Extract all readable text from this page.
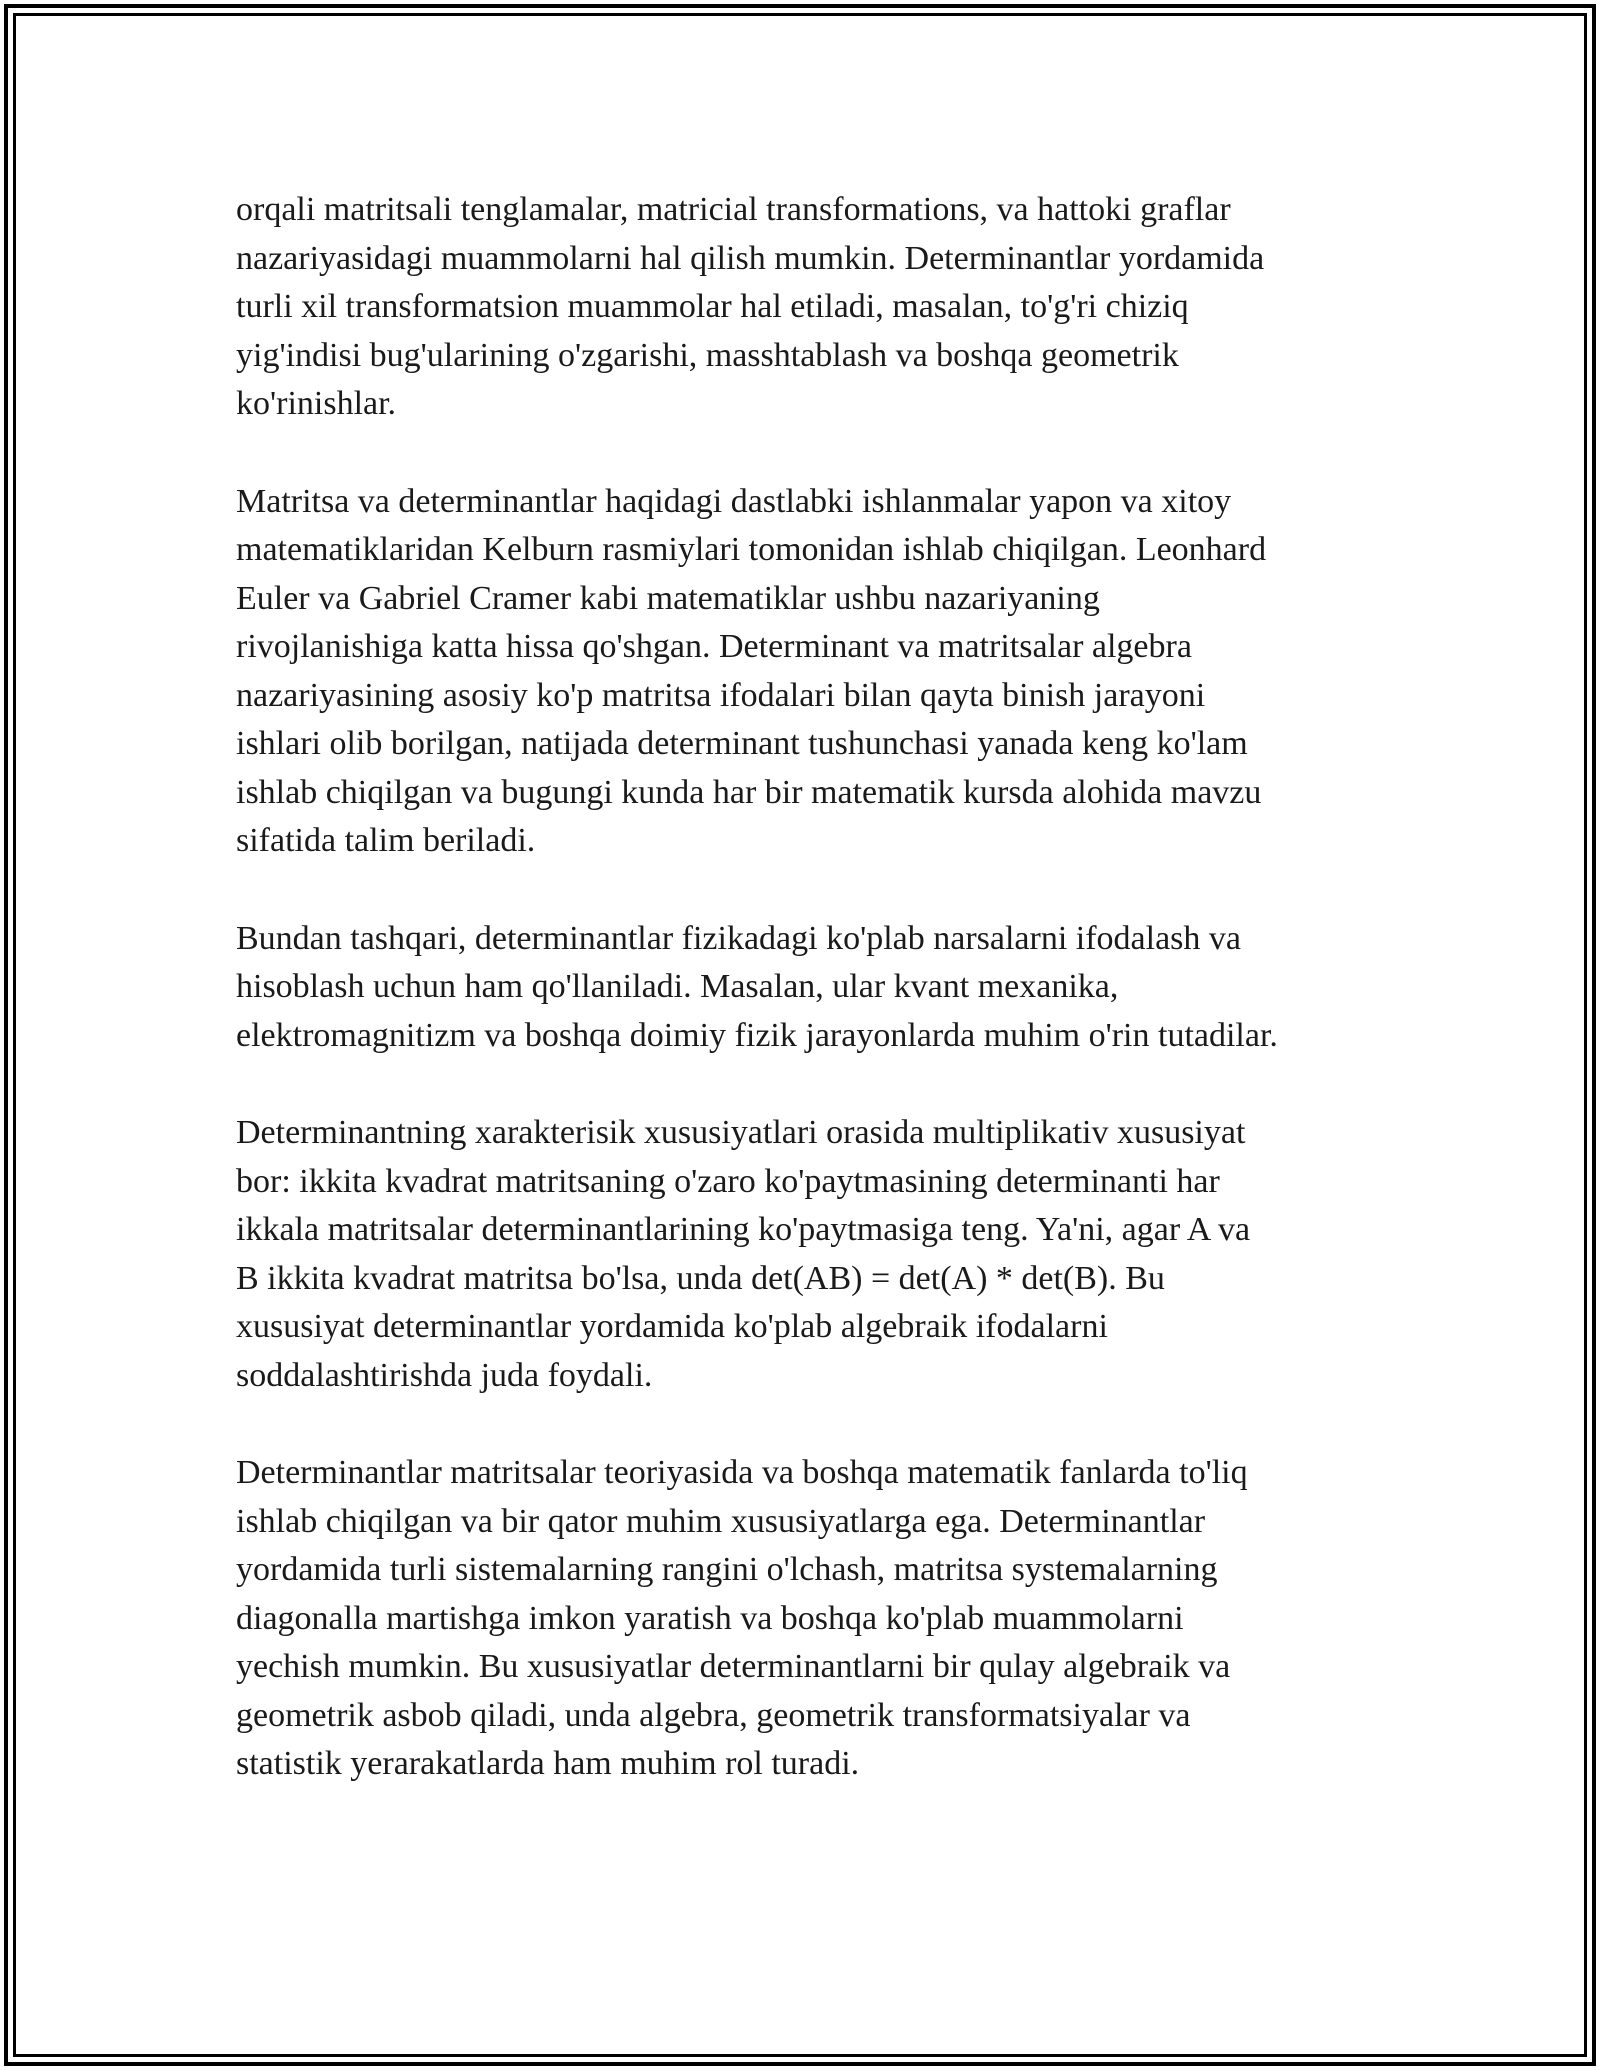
orqali matritsali tenglamalar, matricial transformations, va hattoki graflar
nazariyasidagi muammolarni hal qilish mumkin. Determinantlar yordamida
turli xil transformatsion muammolar hal etiladi, masalan, to'g'ri chiziq
yig'indisi bug'ularining o'zgarishi, masshtablash va boshqa geometrik
ko'rinishlar.

Matritsa va determinantlar haqidagi dastlabki ishlanmalar yapon va xitoy
matematiklaridan Kelburn rasmiylari tomonidan ishlab chiqilgan. Leonhard
Euler va Gabriel Cramer kabi matematiklar ushbu nazariyaning
rivojlanishiga katta hissa qo'shgan. Determinant va matritsalar algebra
nazariyasining asosiy ko'p matritsa ifodalari bilan qayta binish jarayoni
ishlari olib borilgan, natijada determinant tushunchasi yanada keng ko'lam
ishlab chiqilgan va bugungi kunda har bir matematik kursda alohida mavzu
sifatida talim beriladi.

Bundan tashqari, determinantlar fizikadagi ko'plab narsalarni ifodalash va
hisoblash uchun ham qo'llaniladi. Masalan, ular kvant mexanika,
elektromagnitizm va boshqa doimiy fizik jarayonlarda muhim o'rin tutadilar.

Determinantning xarakterisik xususiyatlari orasida multiplikativ xususiyat
bor: ikkita kvadrat matritsaning o'zaro ko'paytmasining determinanti har
ikkala matritsalar determinantlarining ko'paytmasiga teng. Ya'ni, agar A va
B ikkita kvadrat matritsa bo'lsa, unda det(AB) = det(A) * det(B). Bu
xususiyat determinantlar yordamida ko'plab algebraik ifodalarni
soddalashtirishda juda foydali.

Determinantlar matritsalar teoriyasida va boshqa matematik fanlarda to'liq
ishlab chiqilgan va bir qator muhim xususiyatlarga ega. Determinantlar
yordamida turli sistemalarning rangini o'lchash, matritsa systemalarning
diagonalla martishga imkon yaratish va boshqa ko'plab muammolarni
yechish mumkin. Bu xususiyatlar determinantlarni bir qulay algebraik va
geometrik asbob qiladi, unda algebra, geometrik transformatsiyalar va
statistik yerarakatlarda ham muhim rol turadi.
